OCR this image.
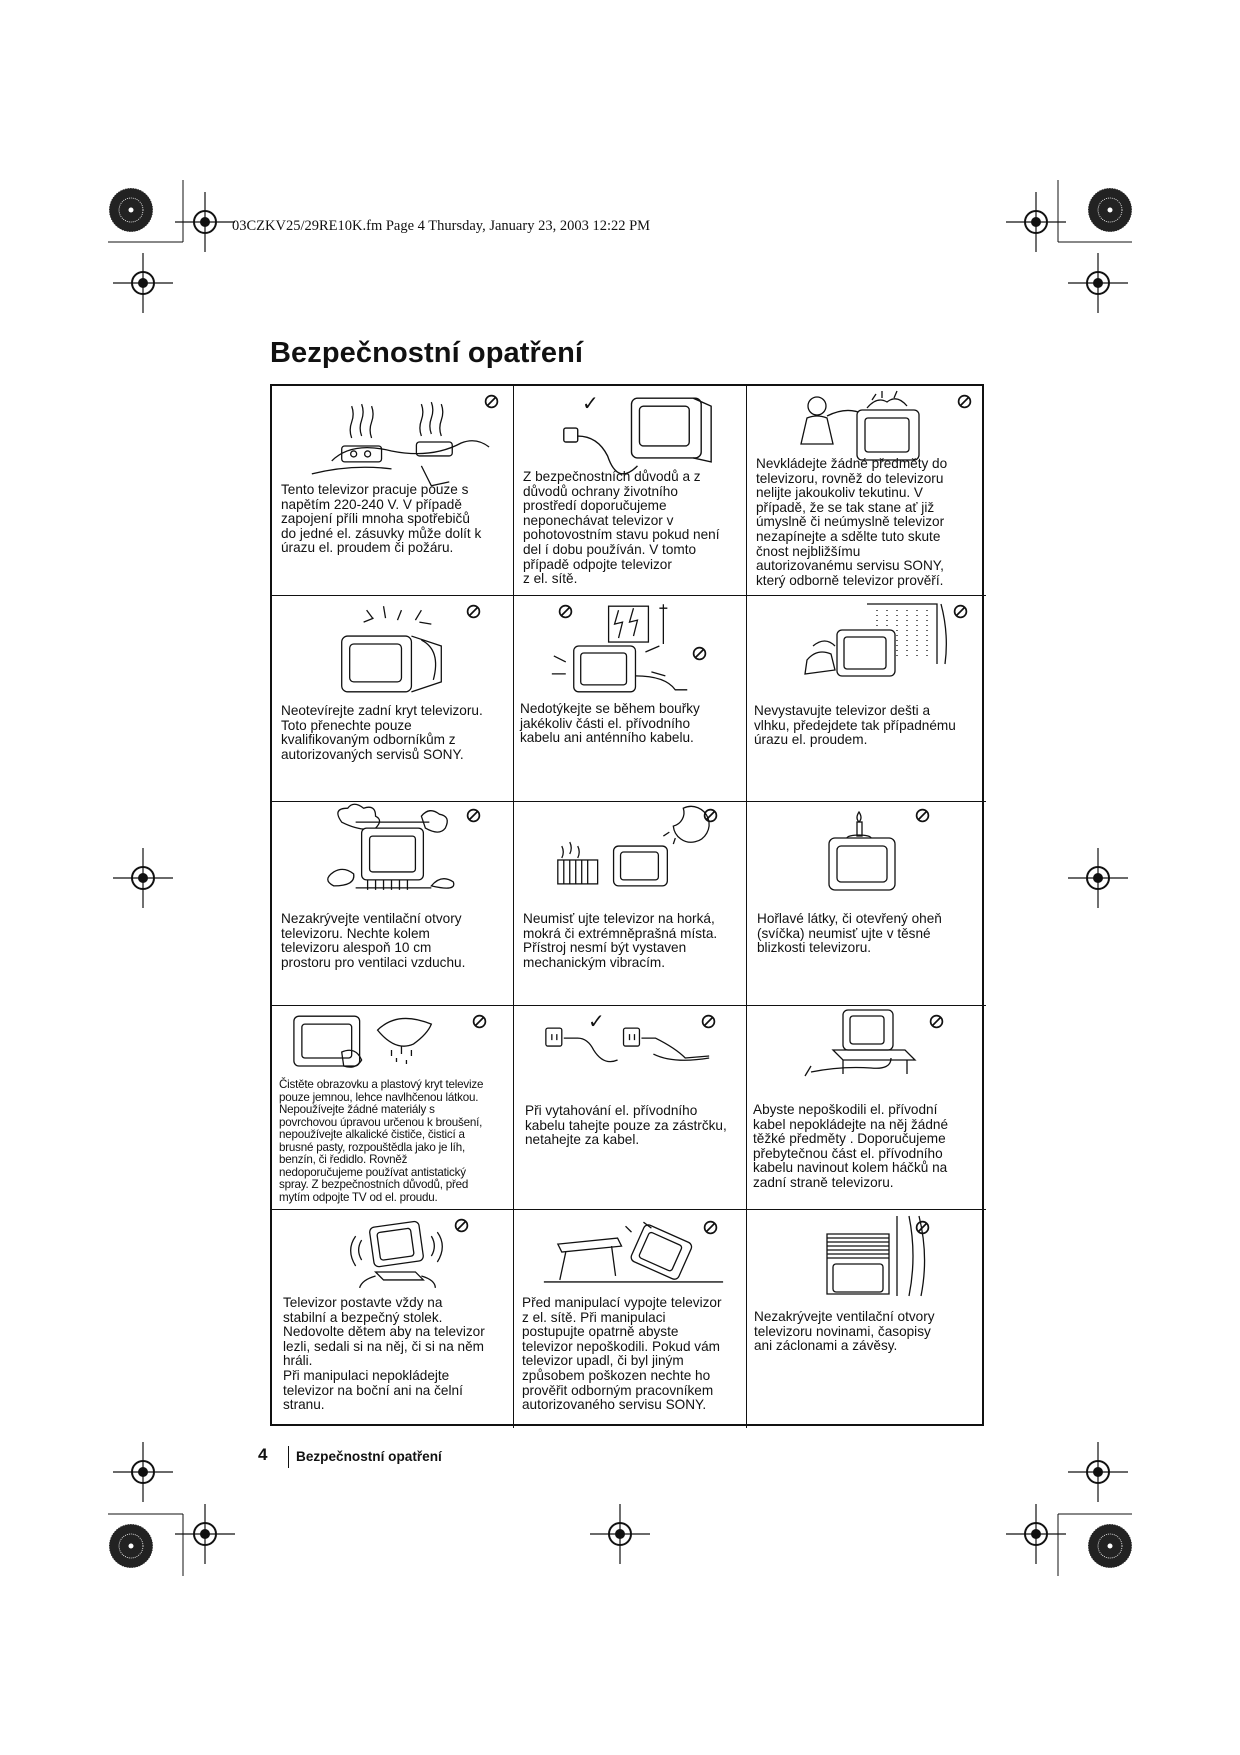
03CZKV25/29RE10K.fm Page 4 Thursday, January 23, 2003 12:22 PM
Bezpečnostní opatření
Tento televizor pracuje pouze s
napětím 220-240 V. V případě
zapojení příli mnoha spotřebičů
do jedné el. zásuvky může dolít k
úrazu el. proudem či požáru.
✓
Z bezpečnostních důvodů a z
důvodů ochrany životního
prostředí doporučujeme
neponechávat televizor v
pohotovostním stavu pokud není
del í dobu používán. V tomto
případě odpojte televizor
z el. sítě.
Nevkládejte žádné předměty do
televizoru, rovněž do televizoru
nelijte jakoukoliv tekutinu. V
případě, že se tak stane ať již
úmyslně či neúmyslně televizor
nezapínejte a sdělte tuto skute
čnost nejbližšímu
autorizovanému servisu SONY,
který odborně televizor prověří.
Neotevírejte zadní kryt televizoru.
Toto přenechte pouze
kvalifikovaným odborníkům z
autorizovaných servisů SONY.
Nedotýkejte se během bouřky
jakékoliv části el. přívodního
kabelu ani anténního kabelu.
Nevystavujte televizor dešti a
vlhku, předejdete tak případnému
úrazu el. proudem.
Nezakrývejte ventilační otvory
televizoru. Nechte kolem
televizoru alespoň 10 cm
prostoru pro ventilaci vzduchu.
Neumisť ujte televizor na horká,
mokrá či extrémněprašná místa.
Přístroj nesmí být vystaven
mechanickým vibracím.
Hořlavé látky, či otevřený oheň
(svíčka) neumisť ujte v těsné
blizkosti televizoru.
Čistěte obrazovku a plastový kryt televize
pouze jemnou, lehce navlhčenou látkou.
Nepoužívejte žádné materiály s
povrchovou úpravou určenou k broušení,
nepoužívejte alkalické čističe, čisticí a
brusné pasty, rozpouštědla jako je líh,
benzín, či ředidlo. Rovněž
nedoporučujeme používat antistatický
spray. Z bezpečnostních důvodů, před
mytím odpojte TV od el. proudu.
✓
Při vytahování el. přívodního
kabelu tahejte pouze za zástrčku,
netahejte za kabel.
Abyste nepoškodili el. přívodní
kabel nepokládejte na něj žádné
těžké předměty . Doporučujeme
přebytečnou část el. přívodního
kabelu navinout kolem háčků na
zadní straně televizoru.
Televizor postavte vždy na
stabilní a bezpečný stolek.
Nedovolte dětem aby na televizor
lezli, sedali si na něj, či si na něm
hráli.
Při manipulaci nepokládejte
televizor na boční ani na čelní
stranu.
Před manipulací vypojte televizor
z el. sítě. Při manipulaci
postupujte opatrně abyste
televizor nepoškodili. Pokud vám
televizor upadl, či byl jiným
způsobem poškozen nechte ho
prověřit odborným pracovníkem
autorizovaného servisu SONY.
Nezakrývejte ventilační otvory
televizoru novinami, časopisy
ani záclonami a závěsy.
4 Bezpečnostní opatření
